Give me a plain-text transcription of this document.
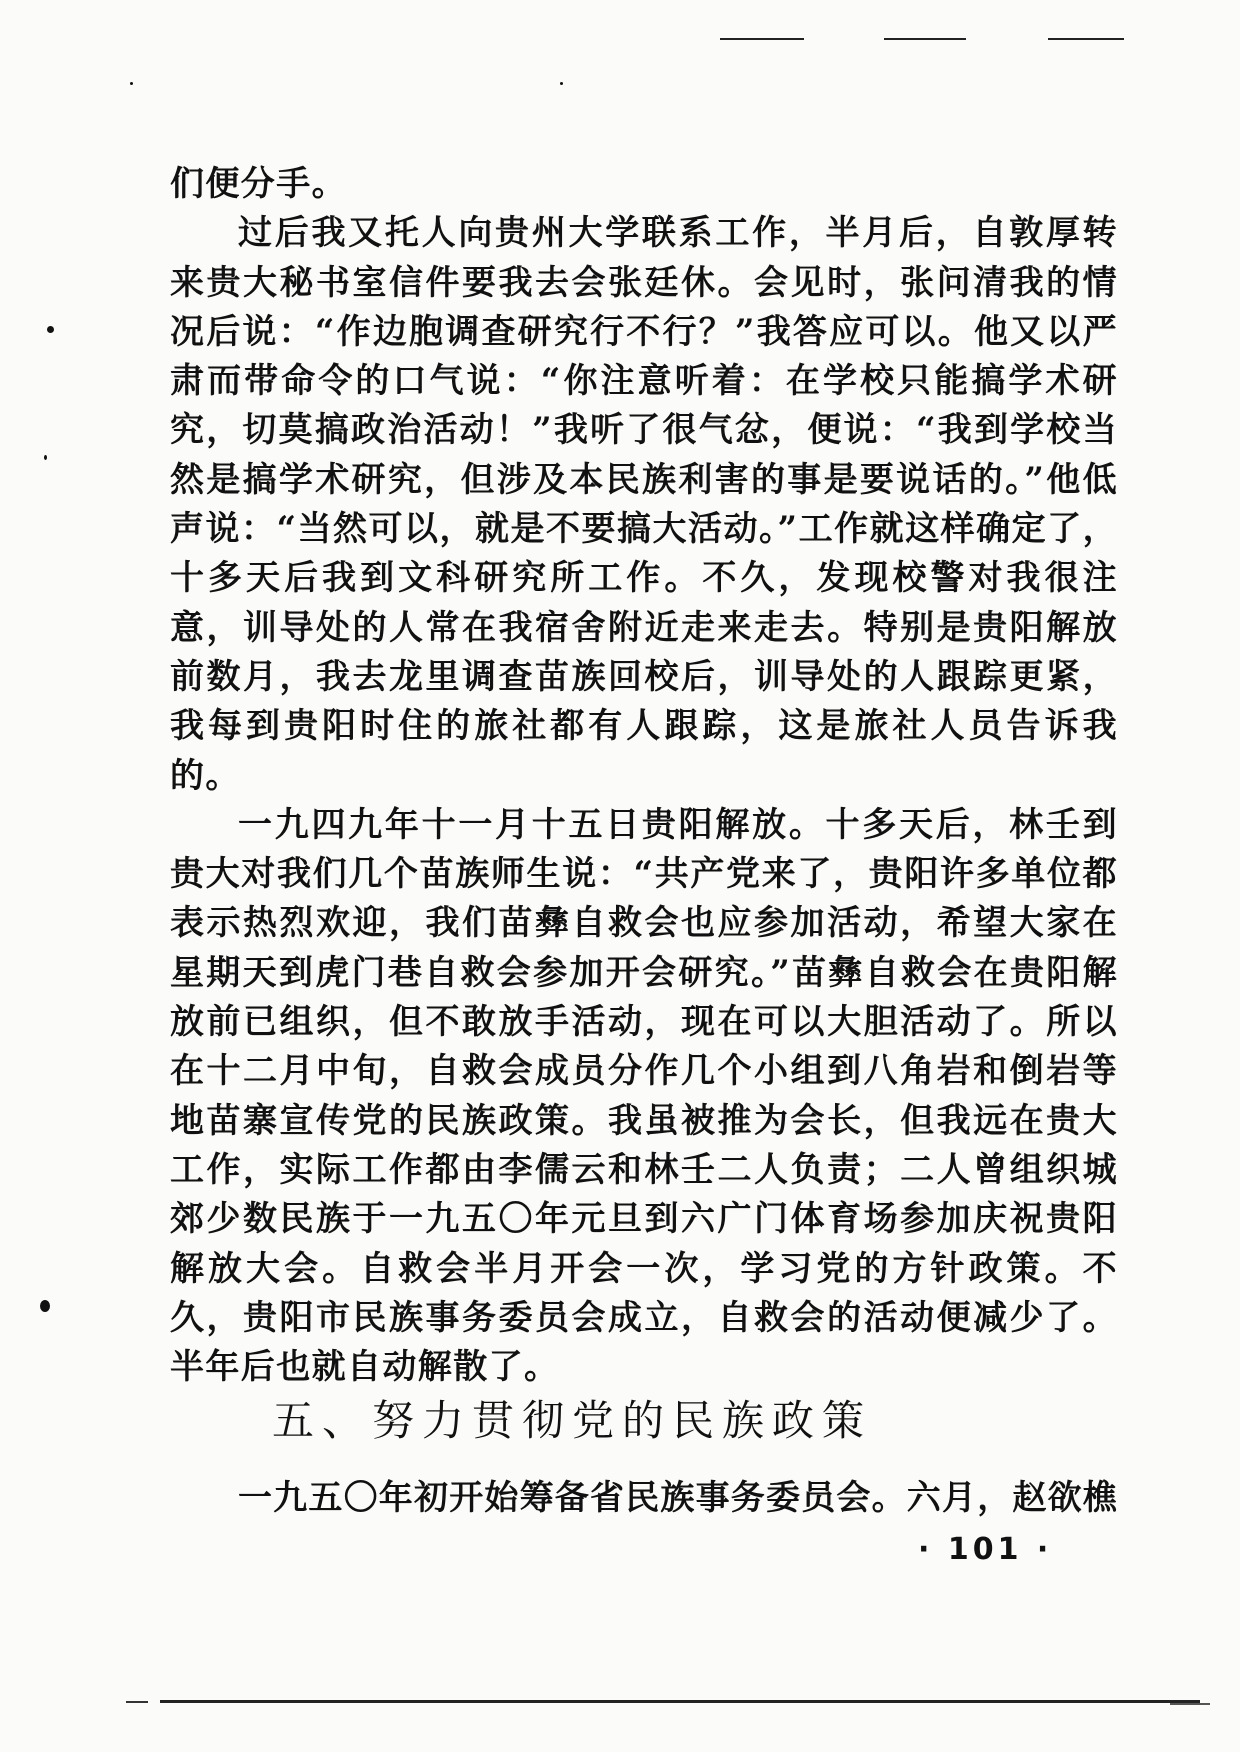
们便分手。

过后我又托人向贵州大学联系工作，半月后，自敦厚转来贵大秘书室信件要我去会张廷休。会见时，张问清我的情况后说：“作边胞调查研究行不行？”我答应可以。他又以严肃而带命令的口气说：“你注意听着：在学校只能搞学术研究，切莫搞政治活动！”我听了很气忿，便说：“我到学校当然是搞学术研究，但涉及本民族利害的事是要说话的。”他低声说：“当然可以，就是不要搞大活动。”工作就这样确定了，十多天后我到文科研究所工作。不久，发现校警对我很注意，训导处的人常在我宿舍附近走来走去。特别是贵阳解放前数月，我去龙里调查苗族回校后，训导处的人跟踪更紧，我每到贵阳时住的旅社都有人跟踪，这是旅社人员告诉我的。

一九四九年十一月十五日贵阳解放。十多天后，林壬到贵大对我们几个苗族师生说：“共产党来了，贵阳许多单位都表示热烈欢迎，我们苗彝自救会也应参加活动，希望大家在星期天到虎门巷自救会参加开会研究。”苗彝自救会在贵阳解放前已组织，但不敢放手活动，现在可以大胆活动了。所以在十二月中旬，自救会成员分作几个小组到八角岩和倒岩等地苗寨宣传党的民族政策。我虽被推为会长，但我远在贵大工作，实际工作都由李儒云和林壬二人负责；二人曾组织城郊少数民族于一九五〇年元旦到六广门体育场参加庆祝贵阳解放大会。自救会半月开会一次，学习党的方针政策。不久，贵阳市民族事务委员会成立，自救会的活动便减少了。半年后也就自动解散了。

五、努力贯彻党的民族政策
一九五〇年初开始筹备省民族事务委员会。六月，赵欲樵
· 101 ·
